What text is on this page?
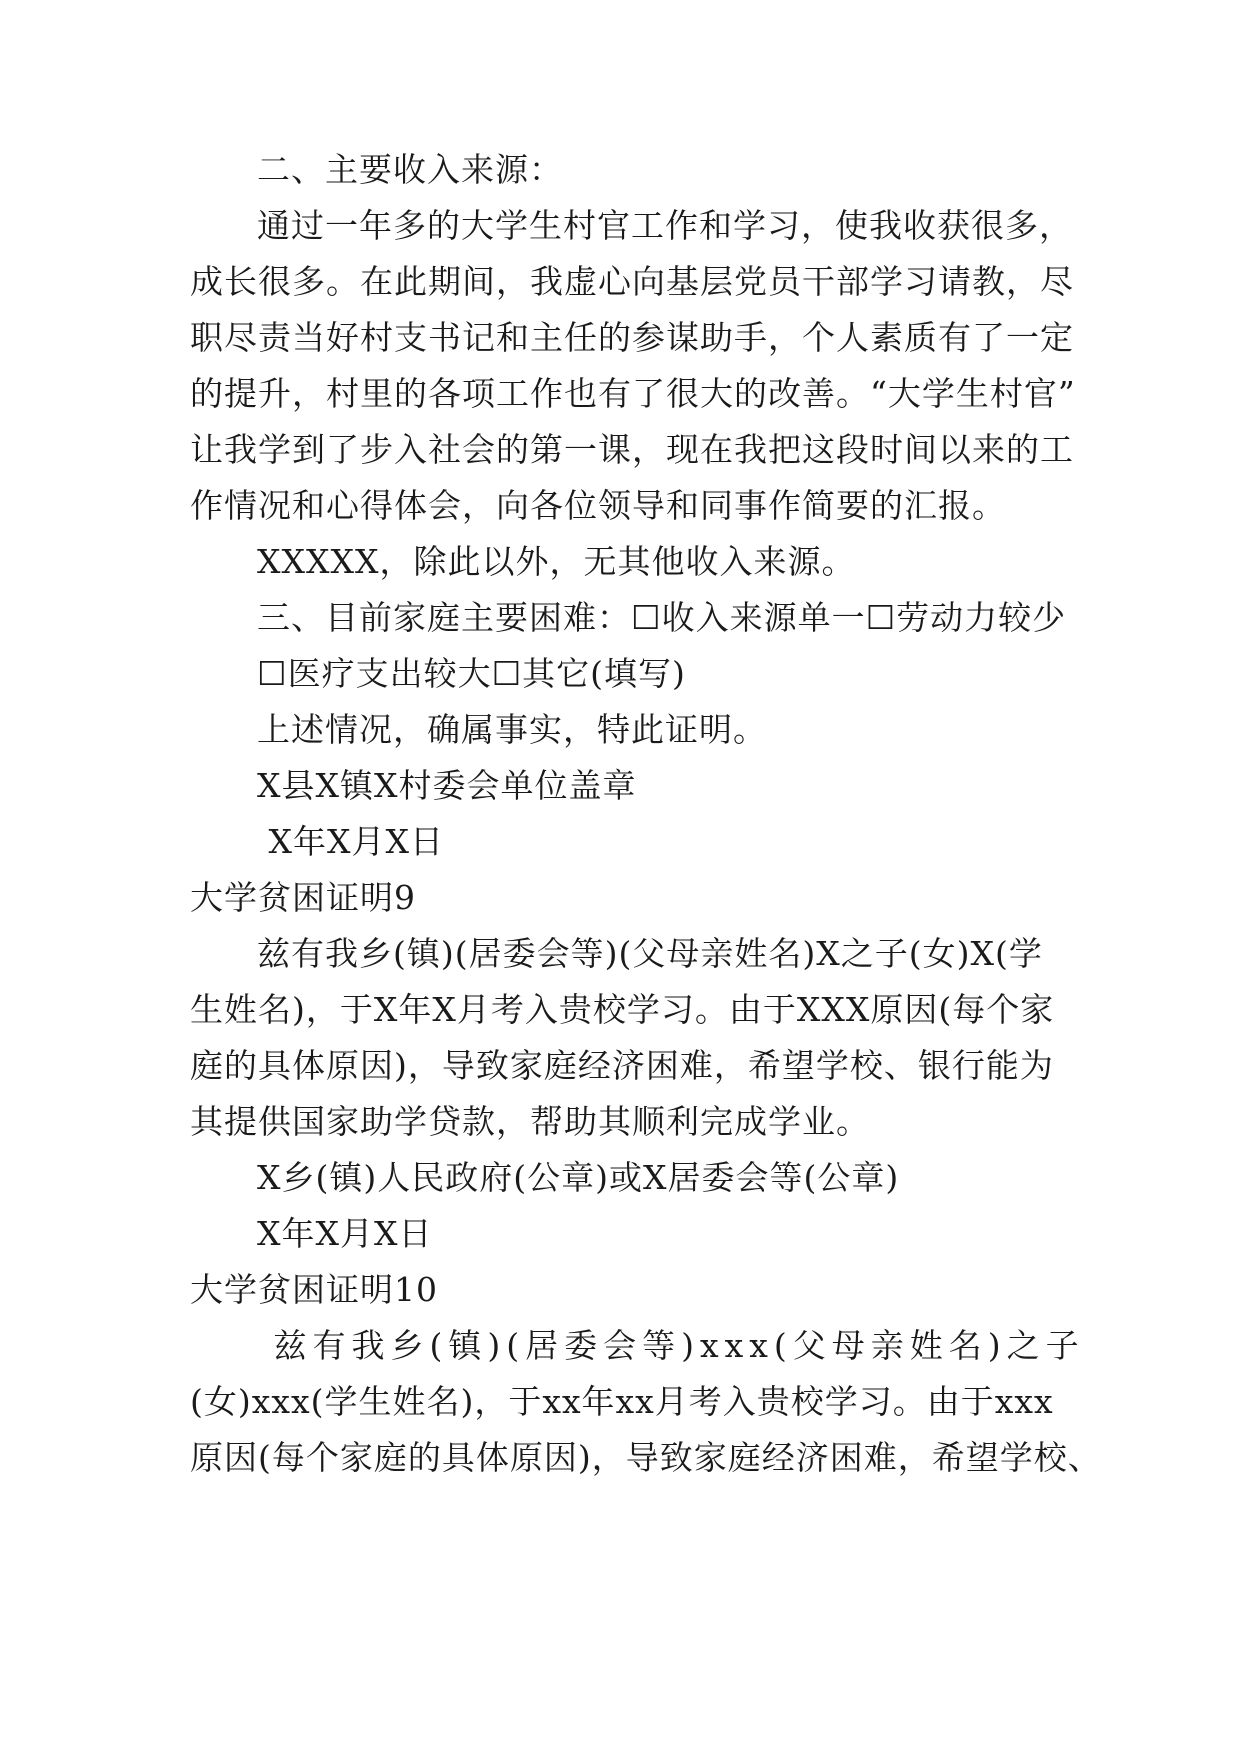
二、主要收入来源：
通过一年多的大学生村官工作和学习，使我收获很多，
成长很多。在此期间，我虚心向基层党员干部学习请教，尽
职尽责当好村支书记和主任的参谋助手，个人素质有了一定
的提升，村里的各项工作也有了很大的改善。“大学生村官”
让我学到了步入社会的第一课，现在我把这段时间以来的工
作情况和心得体会，向各位领导和同事作简要的汇报。
XXXXX，除此以外，无其他收入来源。
三、目前家庭主要困难：☐收入来源单一☐劳动力较少
☐医疗支出较大☐其它(填写)
上述情况，确属事实，特此证明。
X县X镇X村委会单位盖章
X年X月X日
大学贫困证明9
兹有我乡(镇)(居委会等)(父母亲姓名)X之子(女)X(学
生姓名)，于X年X月考入贵校学习。由于XXX原因(每个家
庭的具体原因)，导致家庭经济困难，希望学校、银行能为
其提供国家助学贷款，帮助其顺利完成学业。
X乡(镇)人民政府(公章)或X居委会等(公章)
X年X月X日
大学贫困证明10
兹有我乡(镇)(居委会等)xxx(父母亲姓名)之子
(女)xxx(学生姓名)，于xx年xx月考入贵校学习。由于xxx
原因(每个家庭的具体原因)，导致家庭经济困难，希望学校、
